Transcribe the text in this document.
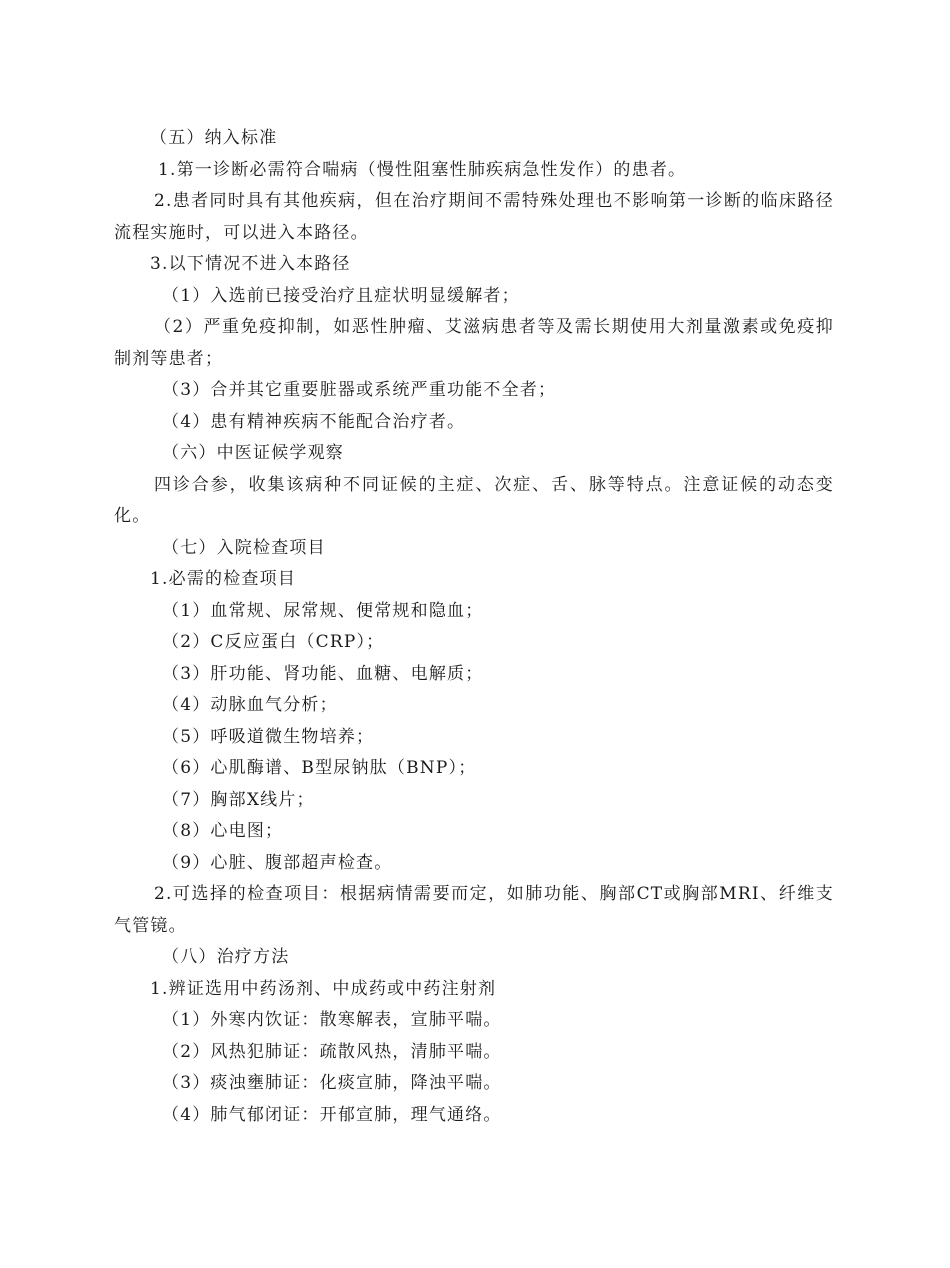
（五）纳入标准
1.第一诊断必需符合喘病（慢性阻塞性肺疾病急性发作）的患者。
2.患者同时具有其他疾病，但在治疗期间不需特殊处理也不影响第一诊断的临床路径流程实施时，可以进入本路径。
3.以下情况不进入本路径
（1）入选前已接受治疗且症状明显缓解者；
（2）严重免疫抑制，如恶性肿瘤、艾滋病患者等及需长期使用大剂量激素或免疫抑制剂等患者；
（3）合并其它重要脏器或系统严重功能不全者；
（4）患有精神疾病不能配合治疗者。
（六）中医证候学观察
四诊合参，收集该病种不同证候的主症、次症、舌、脉等特点。注意证候的动态变化。
（七）入院检查项目
1.必需的检查项目
（1）血常规、尿常规、便常规和隐血；
（2）C反应蛋白（CRP）；
（3）肝功能、肾功能、血糖、电解质；
（4）动脉血气分析；
（5）呼吸道微生物培养；
（6）心肌酶谱、B型尿钠肽（BNP）；
（7）胸部X线片；
（8）心电图；
（9）心脏、腹部超声检查。
2.可选择的检查项目：根据病情需要而定，如肺功能、胸部CT或胸部MRI、纤维支气管镜。
（八）治疗方法
1.辨证选用中药汤剂、中成药或中药注射剂
（1）外寒内饮证：散寒解表，宣肺平喘。
（2）风热犯肺证：疏散风热，清肺平喘。
（3）痰浊壅肺证：化痰宣肺，降浊平喘。
（4）肺气郁闭证：开郁宣肺，理气通络。
